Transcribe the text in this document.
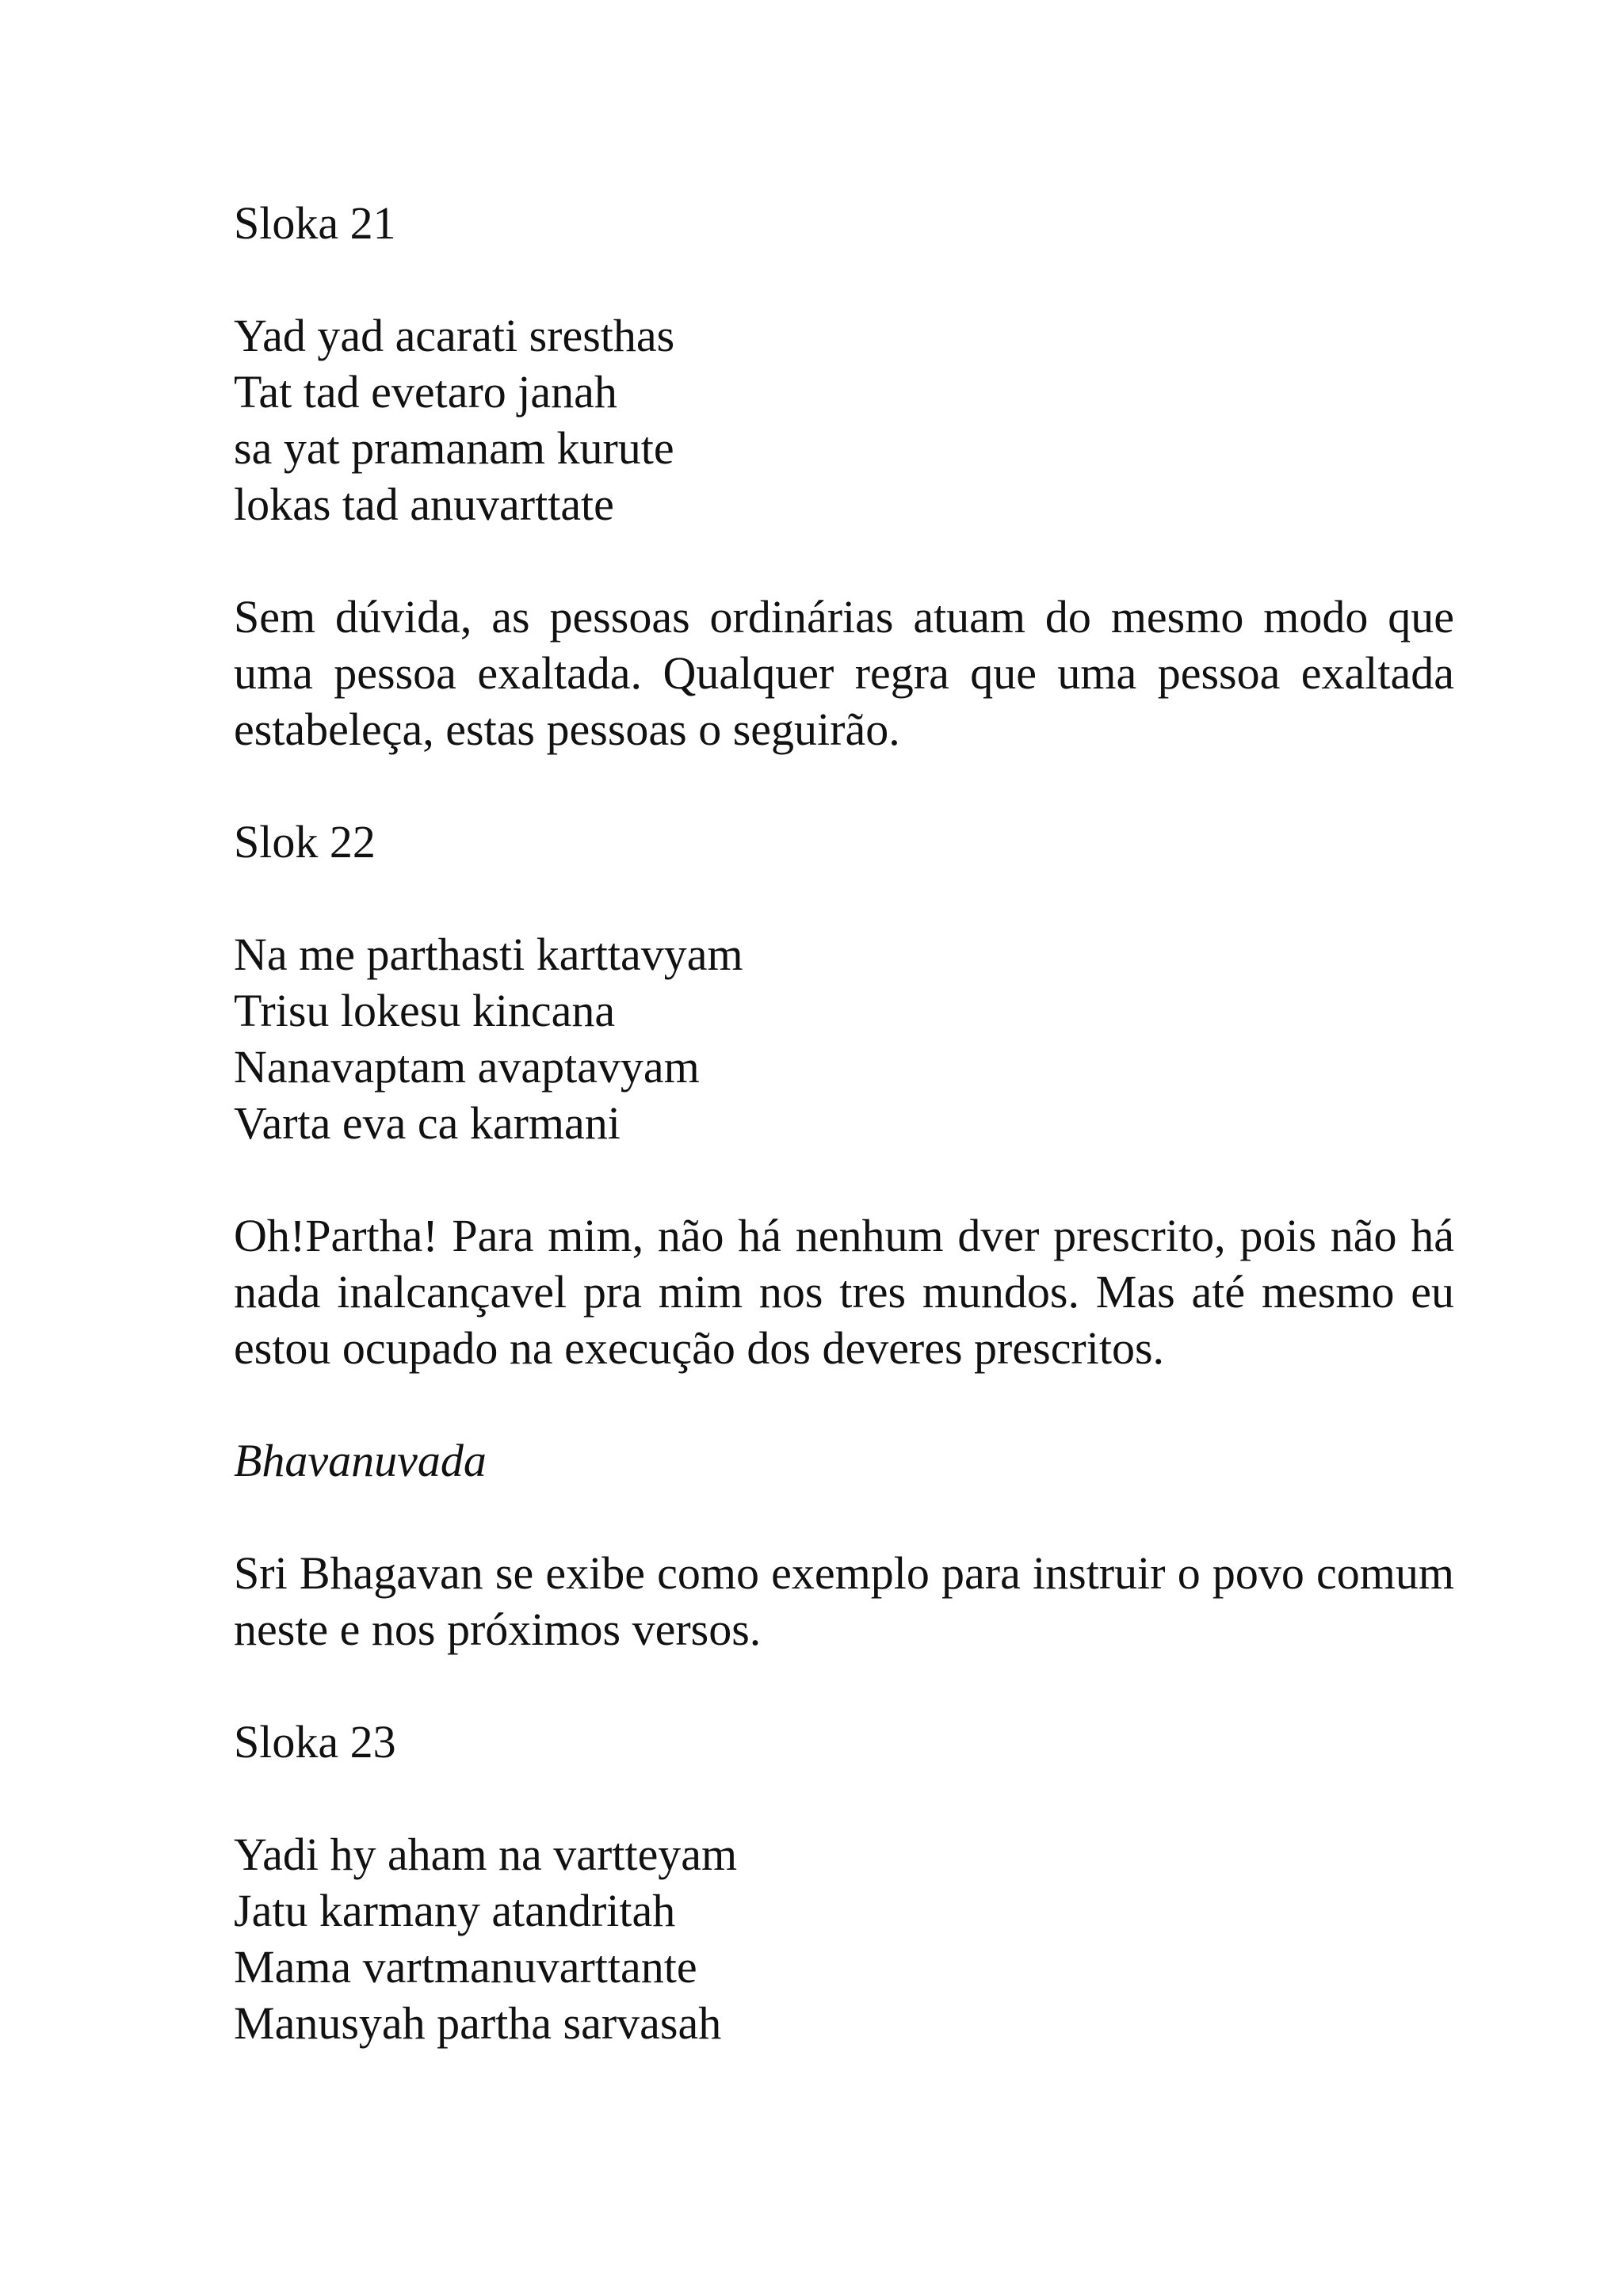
Sloka 21
Yad yad acarati sresthas
Tat tad evetaro janah
sa yat pramanam kurute
lokas tad anuvarttate
Sem dúvida, as pessoas ordinárias atuam do mesmo modo que uma pessoa exaltada. Qualquer regra que uma pessoa exaltada estabeleça, estas pessoas o seguirão.
Slok 22
Na me parthasti karttavyam
Trisu lokesu kincana
Nanavaptam avaptavyam
Varta eva ca karmani
Oh!Partha! Para mim, não há nenhum dver prescrito, pois não há nada inalcançavel pra mim nos tres mundos. Mas até mesmo eu estou ocupado na execução dos deveres prescritos.
Bhavanuvada
Sri Bhagavan se exibe como exemplo para instruir o povo comum neste e nos próximos versos.
Sloka 23
Yadi hy aham na vartteyam
Jatu karmany atandritah
Mama vartmanuvarttante
Manusyah partha sarvasah
